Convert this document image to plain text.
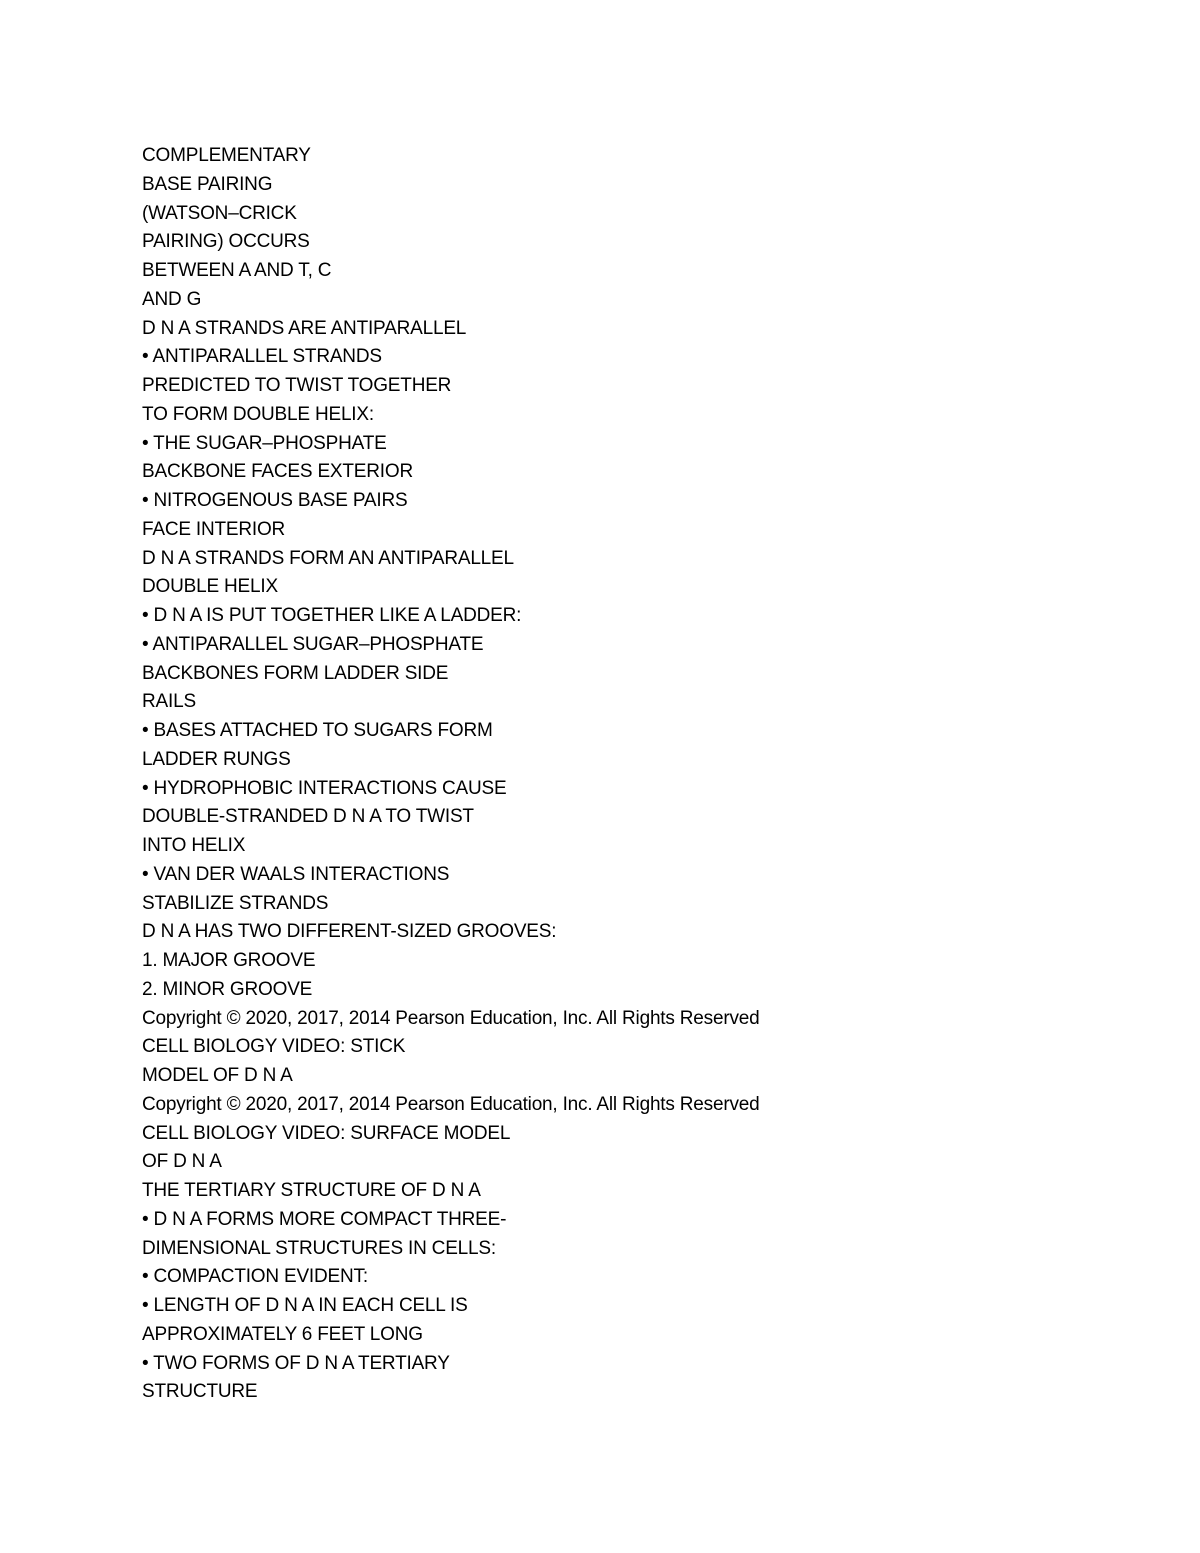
COMPLEMENTARY
BASE PAIRING
(WATSON–CRICK
PAIRING) OCCURS
BETWEEN A AND T, C
AND G
D N A STRANDS ARE ANTIPARALLEL
• ANTIPARALLEL STRANDS
PREDICTED TO TWIST TOGETHER
TO FORM DOUBLE HELIX:
• THE SUGAR–PHOSPHATE
BACKBONE FACES EXTERIOR
• NITROGENOUS BASE PAIRS
FACE INTERIOR
D N A STRANDS FORM AN ANTIPARALLEL
DOUBLE HELIX
• D N A IS PUT TOGETHER LIKE A LADDER:
• ANTIPARALLEL SUGAR–PHOSPHATE
BACKBONES FORM LADDER SIDE
RAILS
• BASES ATTACHED TO SUGARS FORM
LADDER RUNGS
• HYDROPHOBIC INTERACTIONS CAUSE
DOUBLE-STRANDED D N A TO TWIST
INTO HELIX
• VAN DER WAALS INTERACTIONS
STABILIZE STRANDS
D N A HAS TWO DIFFERENT-SIZED GROOVES:
1. MAJOR GROOVE
2. MINOR GROOVE
Copyright © 2020, 2017, 2014 Pearson Education, Inc. All Rights Reserved
CELL BIOLOGY VIDEO: STICK
MODEL OF D N A
Copyright © 2020, 2017, 2014 Pearson Education, Inc. All Rights Reserved
CELL BIOLOGY VIDEO: SURFACE MODEL
OF D N A
THE TERTIARY STRUCTURE OF D N A
• D N A FORMS MORE COMPACT THREE-
DIMENSIONAL STRUCTURES IN CELLS:
• COMPACTION EVIDENT:
• LENGTH OF D N A IN EACH CELL IS
APPROXIMATELY 6 FEET LONG
• TWO FORMS OF D N A TERTIARY
STRUCTURE
